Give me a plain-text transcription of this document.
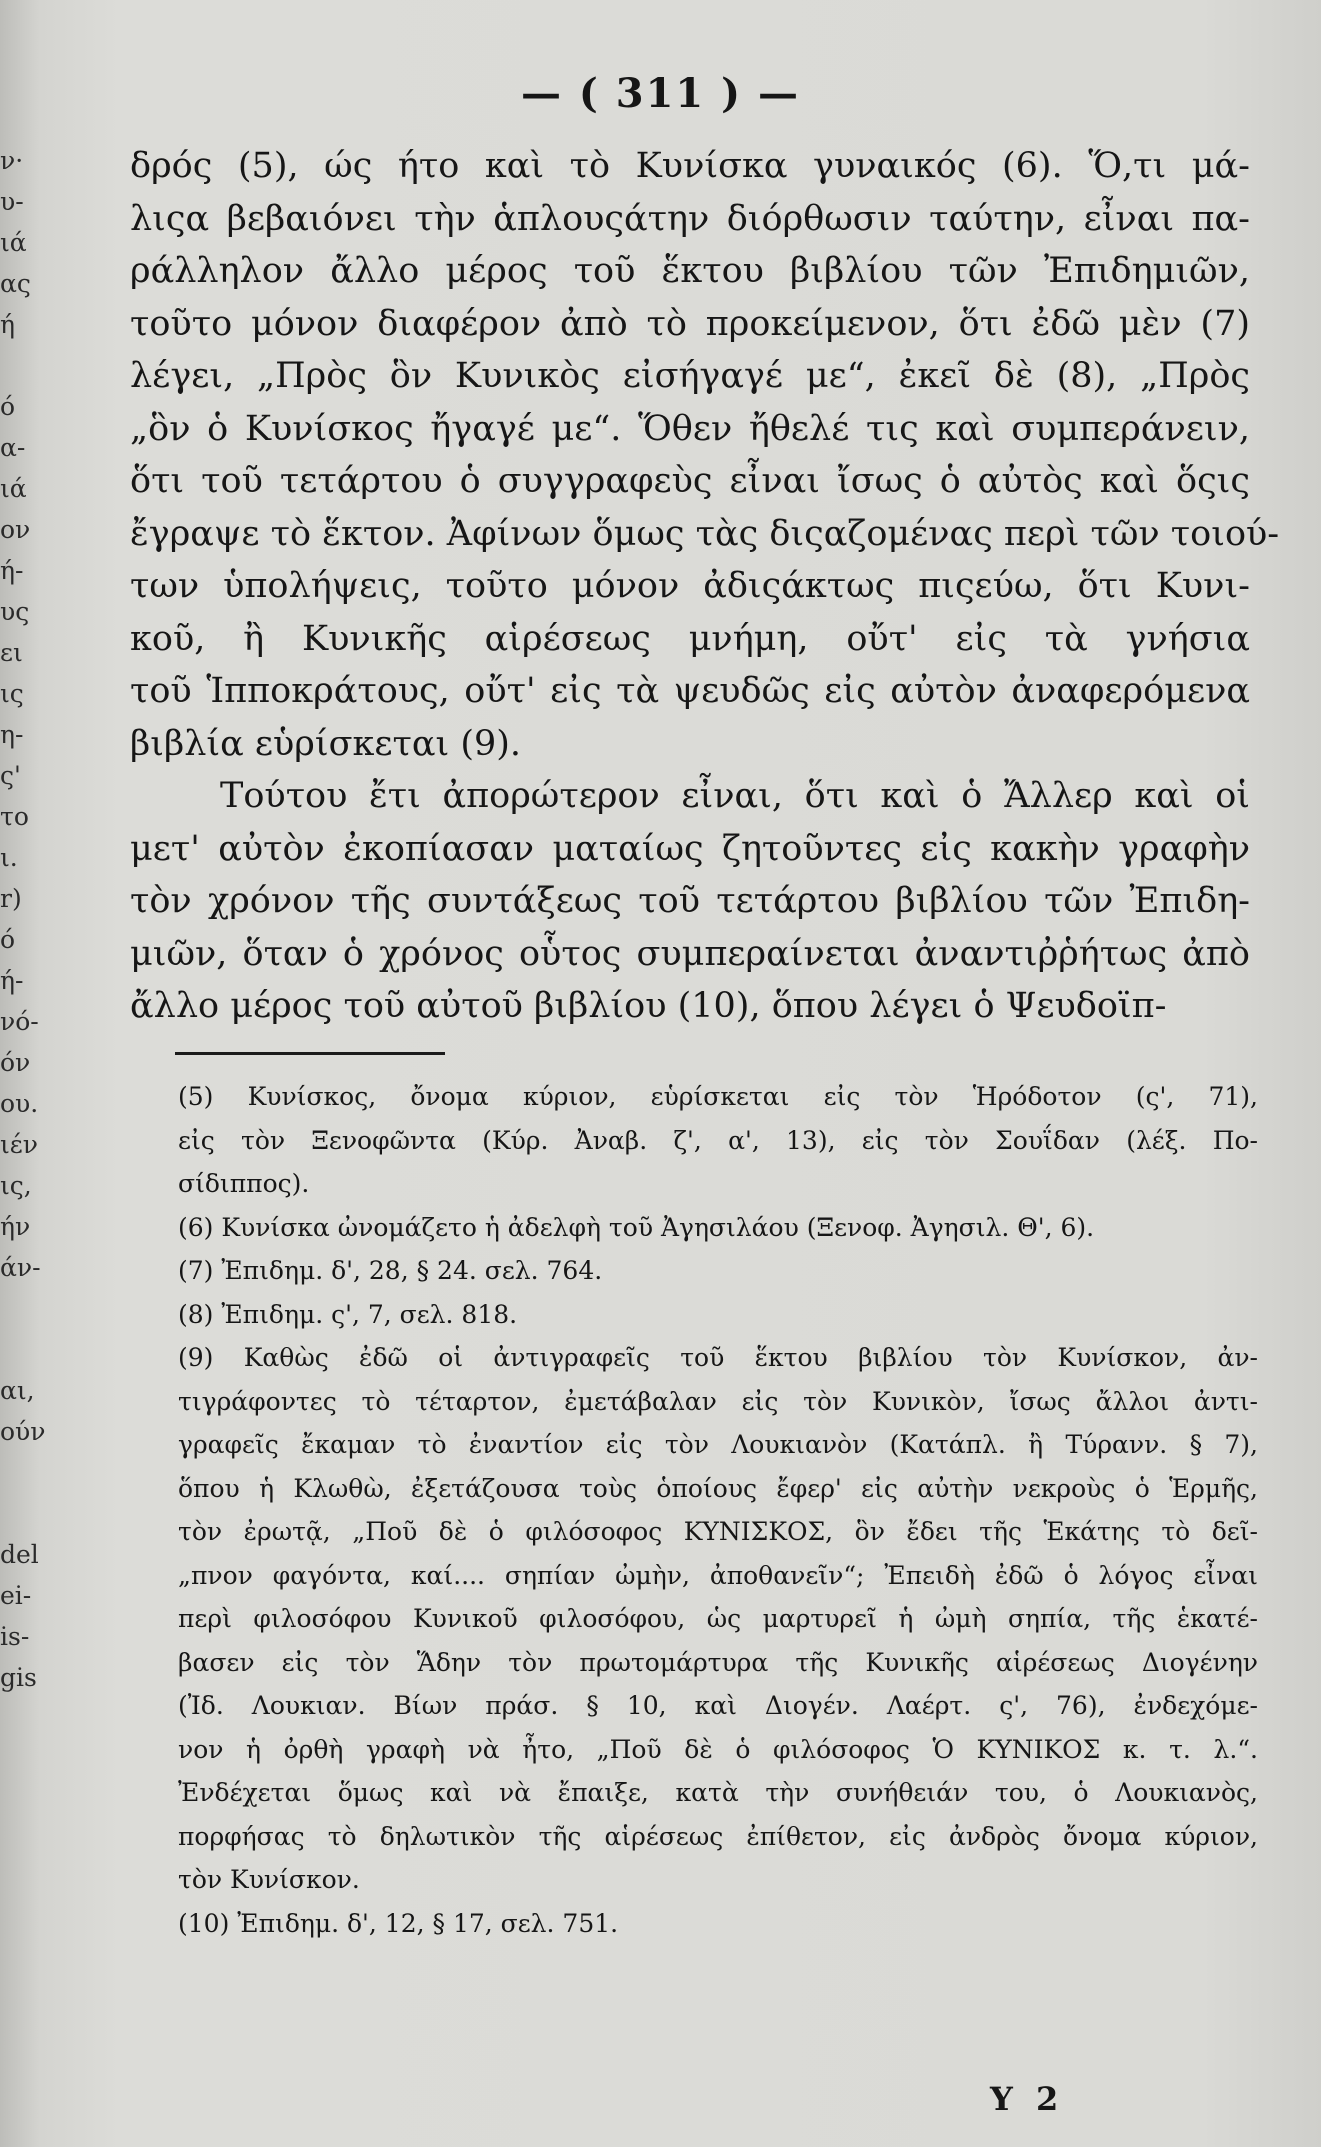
ν·
υ-
ιά
ας
ή
ό
α-
ιά
ον
ή-
υς
ει
ις
η-
ς'
το
ι.
r)
ό
ή-
νό-
όν
ου.
ιέν
ις,
ήν
άν-
αι,
ούν
del
ei-
is-
gis
— ( 311 ) —
δρός (5), ώς ήτο καὶ τὸ Κυνίσκα γυναικός (6). Ὅ,τι μά-
λιςα βεβαιόνει τὴν ἁπλουςάτην διόρθωσιν ταύτην, εἶναι πα-
ράλληλον ἄλλο μέρος τοῦ ἕκτου βιβλίου τῶν Ἐπιδημιῶν,
τοῦτο μόνον διαφέρον ἀπὸ τὸ προκείμενον, ὅτι ἐδῶ μὲν (7)
λέγει, „Πρὸς ὃν Κυνικὸς εἰσήγαγέ με“, ἐκεῖ δὲ (8), „Πρὸς
„ὃν ὁ Κυνίσκος ἤγαγέ με“. Ὅθεν ἤθελέ τις καὶ συμπεράνειν,
ὅτι τοῦ τετάρτου ὁ συγγραφεὺς εἶναι ἴσως ὁ αὐτὸς καὶ ὅςις
ἔγραψε τὸ ἕκτον. Ἀφίνων ὅμως τὰς διςαζομένας περὶ τῶν τοιού-
των ὑπολήψεις, τοῦτο μόνον ἀδιςάκτως πιςεύω, ὅτι Κυνι-
κοῦ, ἢ Κυνικῆς αἱρέσεως μνήμη, οὔτ' εἰς τὰ γνήσια
τοῦ Ἱπποκράτους, οὔτ' εἰς τὰ ψευδῶς εἰς αὐτὸν ἀναφερόμενα
βιβλία εὑρίσκεται (9).
Τούτου ἔτι ἀπορώτερον εἶναι, ὅτι καὶ ὁ Ἄλλερ καὶ οἱ
μετ' αὐτὸν ἐκοπίασαν ματαίως ζητοῦντες εἰς κακὴν γραφὴν
τὸν χρόνον τῆς συντάξεως τοῦ τετάρτου βιβλίου τῶν Ἐπιδη-
μιῶν, ὅταν ὁ χρόνος οὗτος συμπεραίνεται ἀναντιῤῥήτως ἀπὸ
ἄλλο μέρος τοῦ αὐτοῦ βιβλίου (10), ὅπου λέγει ὁ Ψευδοϊπ-
(5) Κυνίσκος, ὄνομα κύριον, εὑρίσκεται εἰς τὸν Ἡρόδοτον (ς', 71),
εἰς τὸν Ξενοφῶντα (Κύρ. Ἀναβ. ζ', α', 13), εἰς τὸν Σουΐδαν (λέξ. Πο-
σίδιππος).
(6) Κυνίσκα ὠνομάζετο ἡ ἀδελφὴ τοῦ Ἀγησιλάου (Ξενοφ. Ἀγησιλ. Θ', 6).
(7) Ἐπιδημ. δ', 28, § 24. σελ. 764.
(8) Ἐπιδημ. ς', 7, σελ. 818.
(9) Καθὼς ἐδῶ οἱ ἀντιγραφεῖς τοῦ ἕκτου βιβλίου τὸν Κυνίσκον, ἀν-
τιγράφοντες τὸ τέταρτον, ἐμετάβαλαν εἰς τὸν Κυνικὸν, ἴσως ἄλλοι ἀντι-
γραφεῖς ἔκαμαν τὸ ἐναντίον εἰς τὸν Λουκιανὸν (Κατάπλ. ἢ Τύρανν. § 7),
ὅπου ἡ Κλωθὼ, ἐξετάζουσα τοὺς ὁποίους ἔφερ' εἰς αὐτὴν νεκροὺς ὁ Ἑρμῆς,
τὸν ἐρωτᾷ, „Ποῦ δὲ ὁ φιλόσοφος ΚΥΝΙΣΚΟΣ, ὃν ἔδει τῆς Ἑκάτης τὸ δεῖ-
„πνον φαγόντα, καί.... σηπίαν ὠμὴν, ἀποθανεῖν“; Ἐπειδὴ ἐδῶ ὁ λόγος εἶναι
περὶ φιλοσόφου Κυνικοῦ φιλοσόφου, ὡς μαρτυρεῖ ἡ ὠμὴ σηπία, τῆς ἑκατέ-
βασεν εἰς τὸν Ἅδην τὸν πρωτομάρτυρα τῆς Κυνικῆς αἱρέσεως Διογένην
(Ἰδ. Λουκιαν. Βίων πράσ. § 10, καὶ Διογέν. Λαέρτ. ς', 76), ἐνδεχόμε-
νον ἡ ὀρθὴ γραφὴ νὰ ἦτο, „Ποῦ δὲ ὁ φιλόσοφος Ὁ ΚΥΝΙΚΟΣ κ. τ. λ.“.
Ἐνδέχεται ὅμως καὶ νὰ ἔπαιξε, κατὰ τὴν συνήθειάν του, ὁ Λουκιανὸς,
πορφήσας τὸ δηλωτικὸν τῆς αἱρέσεως ἐπίθετον, εἰς ἀνδρὸς ὄνομα κύριον,
τὸν Κυνίσκον.
(10) Ἐπιδημ. δ', 12, § 17, σελ. 751.
Υ 2
